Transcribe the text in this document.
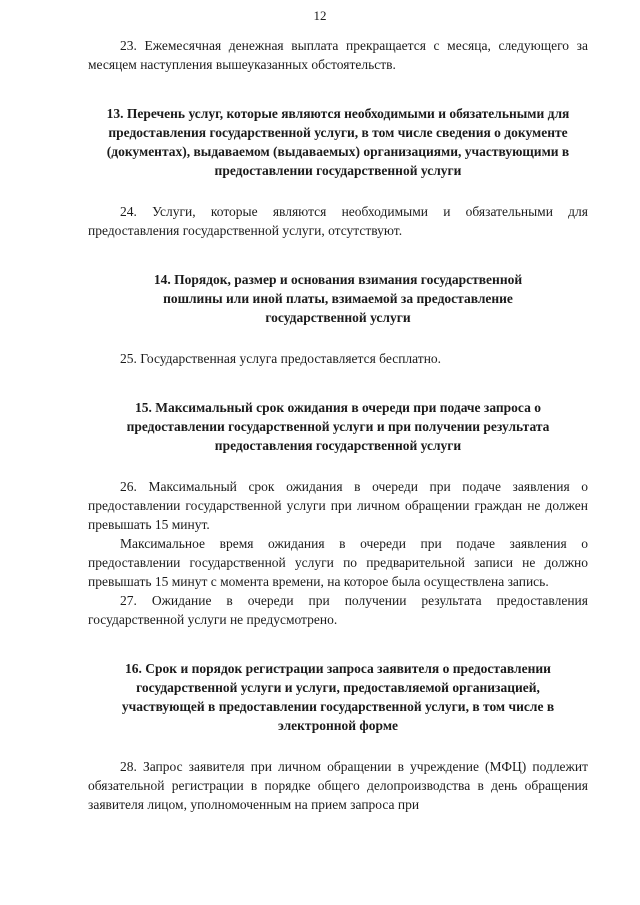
12

23. Ежемесячная денежная выплата прекращается с месяца, следующего за месяцем наступления вышеуказанных обстоятельств.

13. Перечень услуг, которые являются необходимыми и обязательными для предоставления государственной услуги, в том числе сведения о документе (документах), выдаваемом (выдаваемых) организациями, участвующими в предоставлении государственной услуги

24. Услуги, которые являются необходимыми и обязательными для предоставления государственной услуги, отсутствуют.

14. Порядок, размер и основания взимания государственной пошлины или иной платы, взимаемой за предоставление государственной услуги

25. Государственная услуга предоставляется бесплатно.

15. Максимальный срок ожидания в очереди при подаче запроса о предоставлении государственной услуги и при получении результата предоставления государственной услуги

26. Максимальный срок ожидания в очереди при подаче заявления о предоставлении государственной услуги при личном обращении граждан не должен превышать 15 минут.

Максимальное время ожидания в очереди при подаче заявления о предоставлении государственной услуги по предварительной записи не должно превышать 15 минут с момента времени, на которое была осуществлена запись.

27. Ожидание в очереди при получении результата предоставления государственной услуги не предусмотрено.

16. Срок и порядок регистрации запроса заявителя о предоставлении государственной услуги и услуги, предоставляемой организацией, участвующей в предоставлении государственной услуги, в том числе в электронной форме

28. Запрос заявителя при личном обращении в учреждение (МФЦ) подлежит обязательной регистрации в порядке общего делопроизводства в день обращения заявителя лицом, уполномоченным на прием запроса при
